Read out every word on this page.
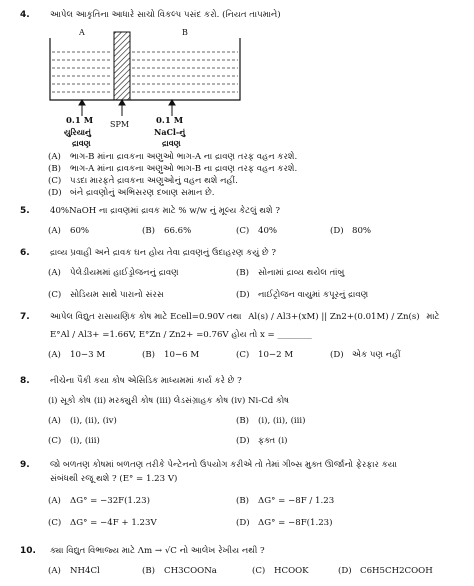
4. આપેલ આકૃતિના આધારે સાચો વિકલ્પ પસંદ કરો. (નિયત તાપમાને)
A	B
0.1 M
યુરિયાનું
દ્રાવણ
SPM	0.1 M
NaCl-નું
દ્રાવણ
(A) ભાગ-B માંના દ્રાવકના અણુઓ ભાગ-A ના દ્રાવણ તરફ વહન કરશે.
(B) ભાગ-A માંના દ્રાવકના અણુઓ ભાગ-B ના દ્રાવણ તરફ વહન કરશે.
(C) પડદા મારફતે દ્રાવકના અણુઓનું વહન થશે નહીં.
(D) બંને દ્રાવણોનું અભિસરણ દબાણ સમાન છે.
5. 40%NaOH ના દ્રાવણમાં દ્રાવક માટે % w/w નું મૂલ્ય કેટલું થશે ?
(A) 60%	(B) 66.6%	(C) 40%	(D) 80%
6. દ્રાવ્ય પ્રવાહી અને દ્રાવક ઘન હોય તેવા દ્રાવણનું ઉદાહરણ કયું છે ?
(A) પેલેડીયમમાં હાઈડ્રોજનનું દ્રાવણ	(B) સોનામાં દ્રાવ્ય થયેલ તાંબુ
(C) સોડિયમ સાથે પારાનો સંરસ	(D) નાઈટ્રોજન વાયુમાં કપૂરનું દ્રાવણ
7. આપેલ વિદ્યુત રાસાયણિક કોષ માટે Ecell=0.90V તથા Al(s) / Al3+(xM) || Zn2+(0.01M) / Zn(s) માટે
E°Al / Al3+ =1.66V, E°Zn / Zn2+ =0.76V હોય તો x = ________
(A) 10−3 M	(B) 10−6 M	(C) 10−2 M	(D) એક પણ નહીં
8. નીચેના પૈકી કયા કોષ એસિડિક માધ્યમમાં કાર્ય કરે છે ?
(i) સૂકો કોષ (ii) મરક્યુરી કોષ (iii) લેડસંગ્રાહક કોષ (iv) Ni-Cd કોષ
(A) (i), (ii), (iv)	(B) (i), (ii), (iii)
(C) (i), (iii)	(D) ફક્ત (i)
9. જો બળતણ કોષમાં બળતણ તરીકે પેન્ટેનનો ઉપયોગ કરીએ તો તેમાં ગીબ્સ મુક્ત ઊર્જાનો ફેરફાર કયા
સંબંધથી રજૂ થશે ? (E° = 1.23 V)
(A) ΔG° = −32F(1.23)	(B) ΔG° = −8F / 1.23
(C) ΔG° = −4F + 1.23V	(D) ΔG° = −8F(1.23)
10. ક્યા વિદ્યુત વિભાજ્ય માટે Λm → √C નો આલેખ રેખીય નથી ?
(A) NH4Cl	(B) CH3COONa	(C) HCOOK	(D) C6H5CH2COOH
